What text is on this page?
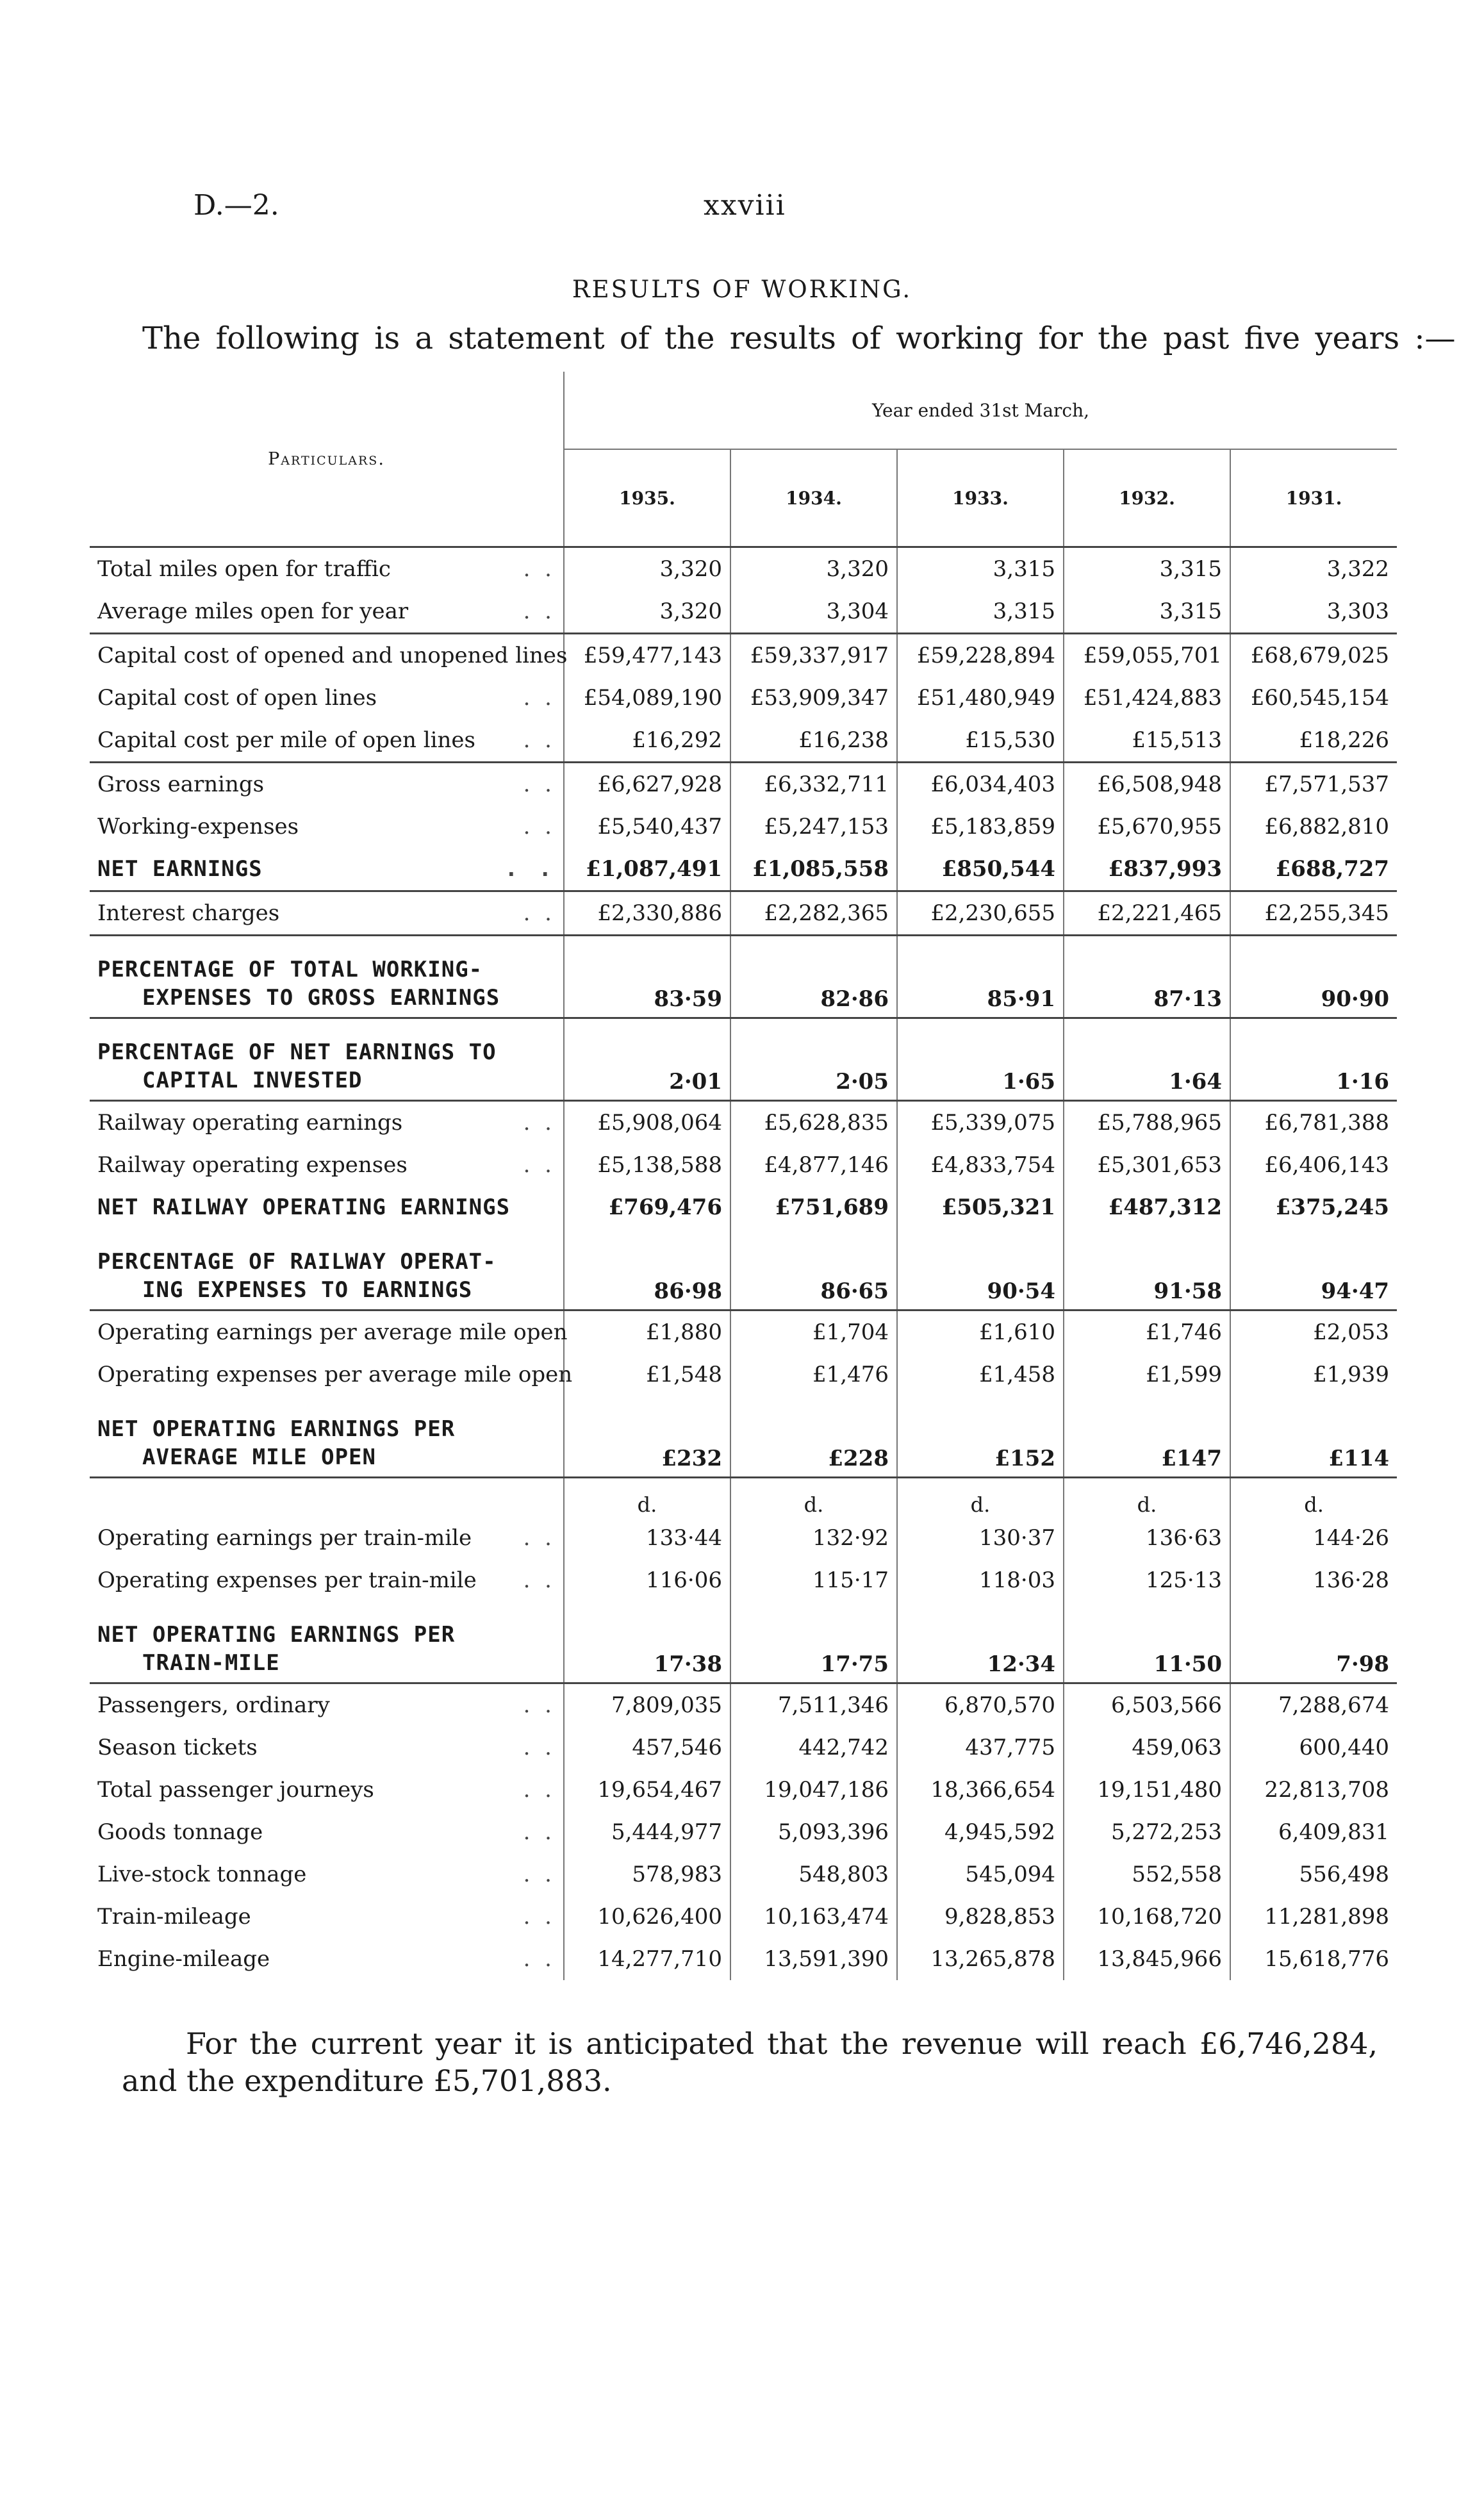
D.—2.	xxviii
RESULTS OF WORKING.
The following is a statement of the results of working for the past five years :—
Particulars.	Year ended 31st March,				
	1935.	1934.	1933.	1932.	1931.
Total miles open for traffic . .	3,320	3,320	3,315	3,315	3,322
Average miles open for year . .	3,320	3,304	3,315	3,315	3,303
Capital cost of opened and unopened lines	£59,477,143	£59,337,917	£59,228,894	£59,055,701	£68,679,025
Capital cost of open lines . .	£54,089,190	£53,909,347	£51,480,949	£51,424,883	£60,545,154
Capital cost per mile of open lines . .	£16,292	£16,238	£15,530	£15,513	£18,226
Gross earnings . .	£6,627,928	£6,332,711	£6,034,403	£6,508,948	£7,571,537
Working-expenses . .	£5,540,437	£5,247,153	£5,183,859	£5,670,955	£6,882,810
NET EARNINGS . .	£1,087,491	£1,085,558	£850,544	£837,993	£688,727
Interest charges . .	£2,330,886	£2,282,365	£2,230,655	£2,221,465	£2,255,345

PERCENTAGE OF TOTAL WORKING-
EXPENSES TO GROSS EARNINGS	83·59	82·86	85·91	87·13	90·90

PERCENTAGE OF NET EARNINGS TO
CAPITAL INVESTED	2·01	2·05	1·65	1·64	1·16
Railway operating earnings . .	£5,908,064	£5,628,835	£5,339,075	£5,788,965	£6,781,388
Railway operating expenses . .	£5,138,588	£4,877,146	£4,833,754	£5,301,653	£6,406,143
NET RAILWAY OPERATING EARNINGS	£769,476	£751,689	£505,321	£487,312	£375,245

PERCENTAGE OF RAILWAY OPERAT-
ING EXPENSES TO EARNINGS	86·98	86·65	90·54	91·58	94·47
Operating earnings per average mile open	£1,880	£1,704	£1,610	£1,746	£2,053
Operating expenses per average mile open	£1,548	£1,476	£1,458	£1,599	£1,939

NET OPERATING EARNINGS PER
AVERAGE MILE OPEN	£232	£228	£152	£147	£114
	d.	d.	d.	d.	d.
Operating earnings per train-mile . .	133·44	132·92	130·37	136·63	144·26
Operating expenses per train-mile . .	116·06	115·17	118·03	125·13	136·28

NET OPERATING EARNINGS PER
TRAIN-MILE	17·38	17·75	12·34	11·50	7·98
Passengers, ordinary . .	7,809,035	7,511,346	6,870,570	6,503,566	7,288,674
Season tickets . .	457,546	442,742	437,775	459,063	600,440
Total passenger journeys . .	19,654,467	19,047,186	18,366,654	19,151,480	22,813,708
Goods tonnage . .	5,444,977	5,093,396	4,945,592	5,272,253	6,409,831
Live-stock tonnage . .	578,983	548,803	545,094	552,558	556,498
Train-mileage . .	10,626,400	10,163,474	9,828,853	10,168,720	11,281,898
Engine-mileage . .	14,277,710	13,591,390	13,265,878	13,845,966	15,618,776
For the current year it is anticipated that the revenue will reach £6,746,284, and the expenditure £5,701,883.
